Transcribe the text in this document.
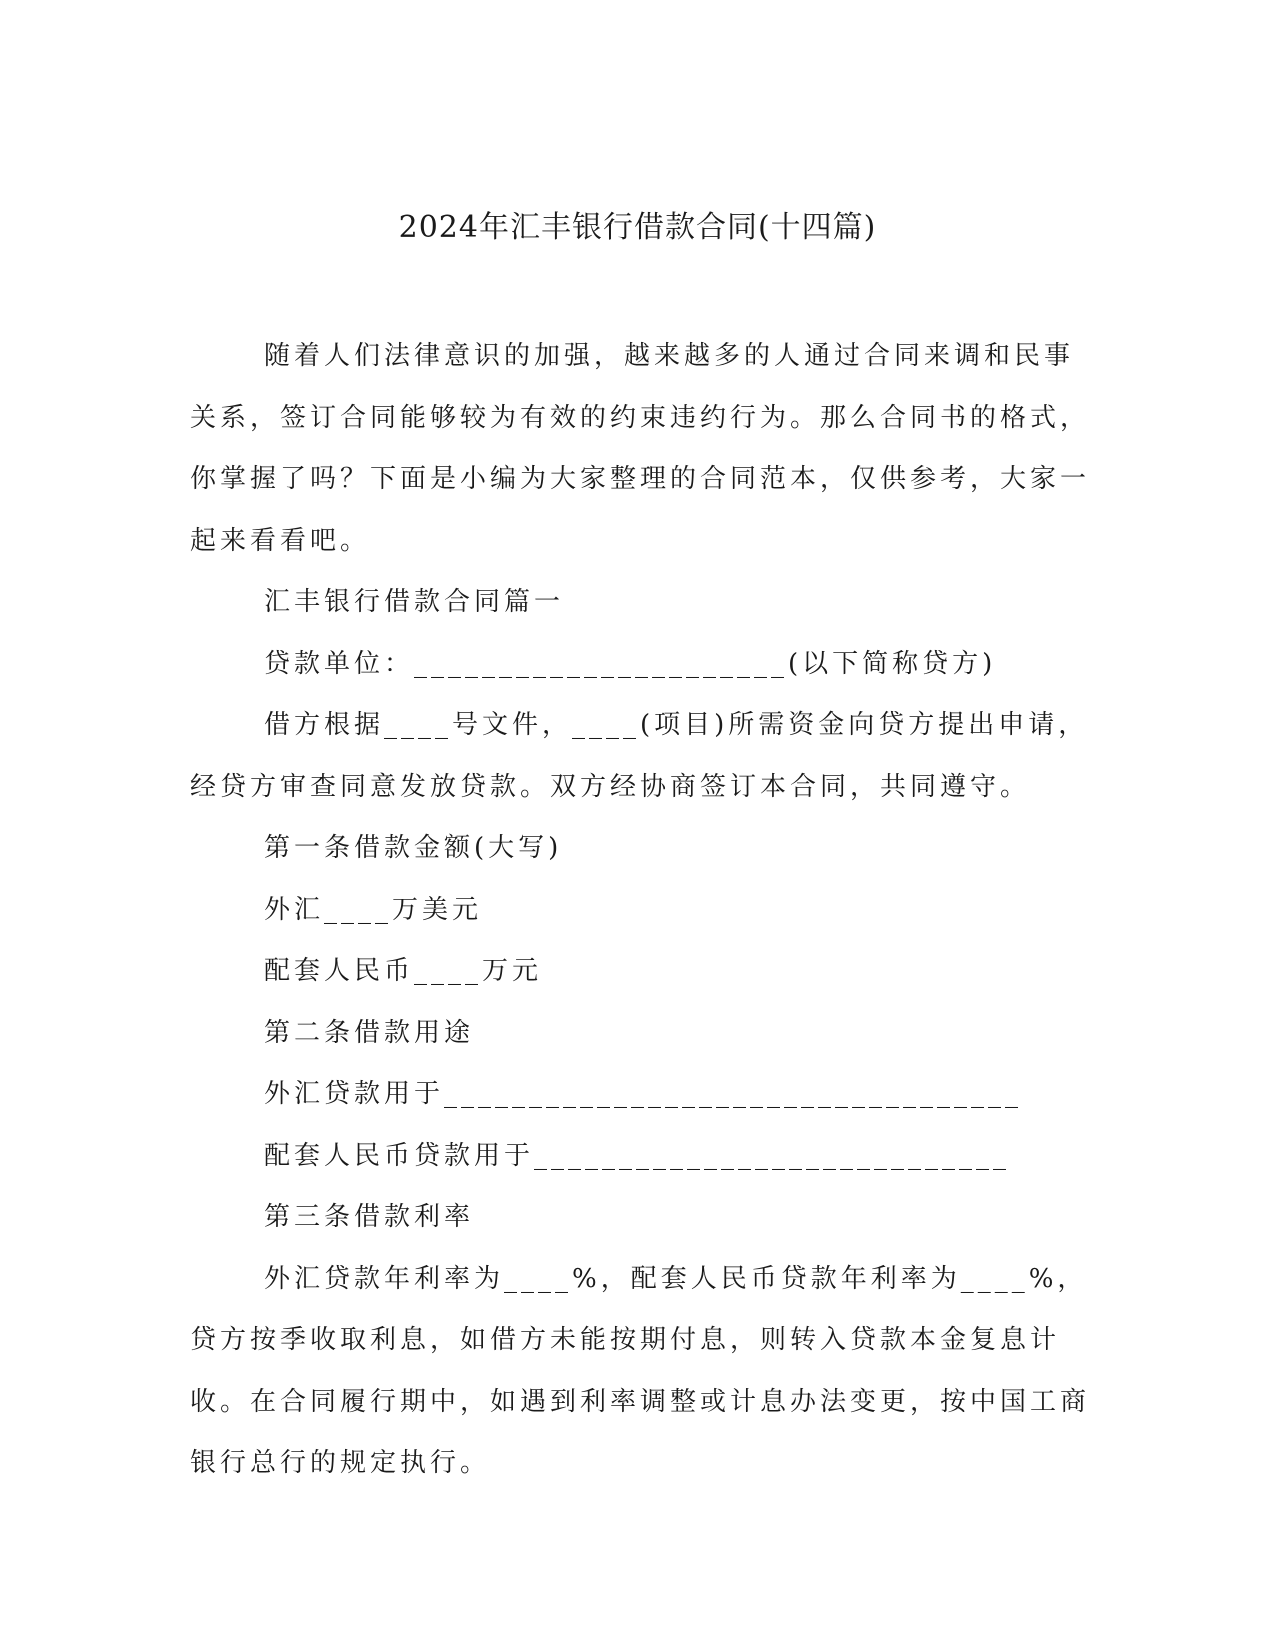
2024年汇丰银行借款合同(十四篇)

随着人们法律意识的加强，越来越多的人通过合同来调和民事关系，签订合同能够较为有效的约束违约行为。那么合同书的格式，你掌握了吗？下面是小编为大家整理的合同范本，仅供参考，大家一起来看看吧。

汇丰银行借款合同篇一

贷款单位：______________________(以下简称贷方)

借方根据____号文件，____(项目)所需资金向贷方提出申请，经贷方审查同意发放贷款。双方经协商签订本合同，共同遵守。

第一条借款金额(大写)

外汇____万美元

配套人民币____万元

第二条借款用途

外汇贷款用于__________________________________

配套人民币贷款用于____________________________

第三条借款利率

外汇贷款年利率为____%，配套人民币贷款年利率为____%，贷方按季收取利息，如借方未能按期付息，则转入贷款本金复息计收。在合同履行期中，如遇到利率调整或计息办法变更，按中国工商银行总行的规定执行。
